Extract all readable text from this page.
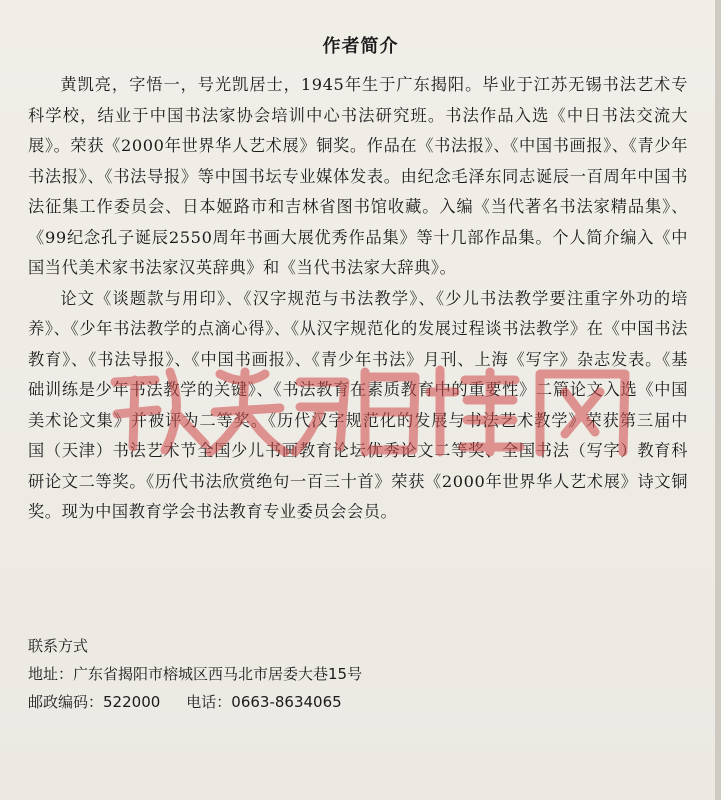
作者简介

黄凯亮，字悟一，号光凯居士，1945年生于广东揭阳。毕业于江苏无锡书法艺术专科学校，结业于中国书法家协会培训中心书法研究班。书法作品入选《中日书法交流大展》。荣获《2000年世界华人艺术展》铜奖。作品在《书法报》、《中国书画报》、《青少年书法报》、《书法导报》等中国书坛专业媒体发表。由纪念毛泽东同志诞辰一百周年中国书法征集工作委员会、日本姬路市和吉林省图书馆收藏。入编《当代著名书法家精品集》、《99纪念孔子诞辰2550周年书画大展优秀作品集》等十几部作品集。个人简介编入《中国当代美术家书法家汉英辞典》和《当代书法家大辞典》。

论文《谈题款与用印》、《汉字规范与书法教学》、《少儿书法教学要注重字外功的培养》、《少年书法教学的点滴心得》、《从汉字规范化的发展过程谈书法教学》在《中国书法教育》、《书法导报》、《中国书画报》、《青少年书法》月刊、上海《写字》杂志发表。《基础训练是少年书法教学的关键》、《书法教育在素质教育中的重要性》二篇论文入选《中国美术论文集》并被评为二等奖。《历代汉字规范化的发展与书法艺术教学》荣获第三届中国（天津）书法艺术节全国少儿书画教育论坛优秀论文二等奖、全国书法（写字）教育科研论文二等奖。《历代书法欣赏绝句一百三十首》荣获《2000年世界华人艺术展》诗文铜奖。现为中国教育学会书法教育专业委员会会员。

联系方式
地址：广东省揭阳市榕城区西马北市居委大巷15号
邮政编码：522000 电话：0663-8634065
